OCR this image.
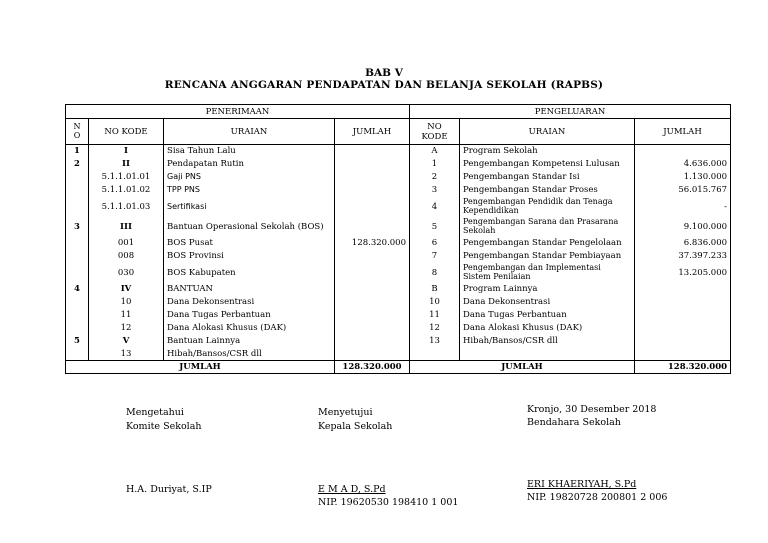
BAB V
RENCANA ANGGARAN PENDAPATAN DAN BELANJA SEKOLAH (RAPBS)
PENERIMAAN				PENGELUARAN		
N O	NO KODE	URAIAN	JUMLAH	NO KODE	URAIAN	JUMLAH
1	I	Sisa Tahun Lalu		A	Program Sekolah	
2	II	Pendapatan Rutin		1	Pengembangan Kompetensi Lulusan	4.636.000
	5.1.1.01.01	Gaji PNS		2	Pengembangan Standar Isi	1.130.000
	5.1.1.01.02	TPP PNS		3	Pengembangan Standar Proses	56.015.767
	5.1.1.01.03	Sertifikasi		4	Pengembangan Pendidik dan Tenaga Kependidikan	-
3	III	Bantuan Operasional Sekolah (BOS)		5	Pengembangan Sarana dan Prasarana Sekolah	9.100.000
	001	BOS Pusat	128.320.000	6	Pengembangan Standar Pengelolaan	6.836.000
	008	BOS Provinsi		7	Pengembangan Standar Pembiayaan	37.397.233
	030	BOS Kabupaten		8	Pengembangan dan Implementasi Sistem Penilaian	13.205.000
4	IV	BANTUAN		B	Program Lainnya	
	10	Dana Dekonsentrasi		10	Dana Dekonsentrasi	
	11	Dana Tugas Perbantuan		11	Dana Tugas Perbantuan	
	12	Dana Alokasi Khusus (DAK)		12	Dana Alokasi Khusus (DAK)	
5	V	Bantuan Lainnya		13	Hibah/Bansos/CSR dll	
	13	Hibah/Bansos/CSR dll				
JUMLAH			128.320.000	JUMLAH		128.320.000
Mengetahui
Komite Sekolah
H.A. Duriyat, S.IP
Menyetujui
Kepala Sekolah
E M A D, S.Pd
NIP. 19620530 198410 1 001
Kronjo, 30 Desember 2018
Bendahara Sekolah
ERI KHAERIYAH, S.Pd
NIP. 19820728 200801 2 006
